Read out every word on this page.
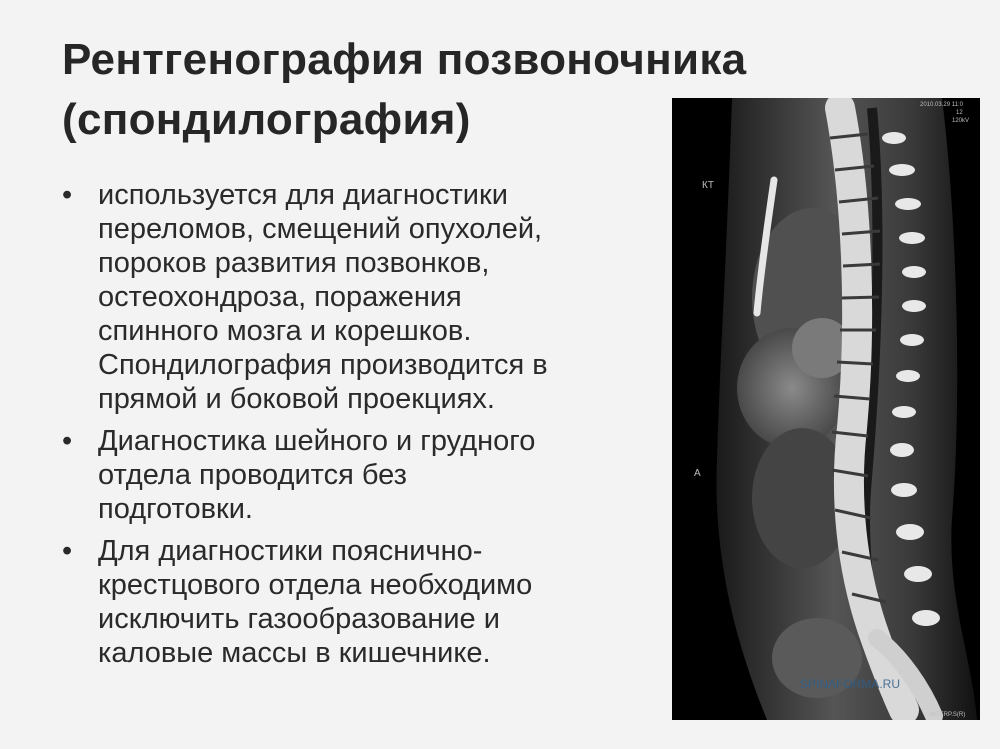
Рентгенография позвоночника
(спондилография)
• используется для диагностики
переломов, смещений опухолей,
пороков развития позвонков,
остеохондроза, поражения
спинного мозга и корешков.
Спондилография производится в
прямой и боковой проекциях.
• Диагностика шейного и грудного
отдела проводится без
подготовки.
• Для диагностики пояснично-
крестцового отдела необходимо
исключить газообразование и
каловые массы в кишечнике.
КТ
A
2010.03.29 11:0
12
120kV
INTERP.S(R)
SPINAFORMA.RU
